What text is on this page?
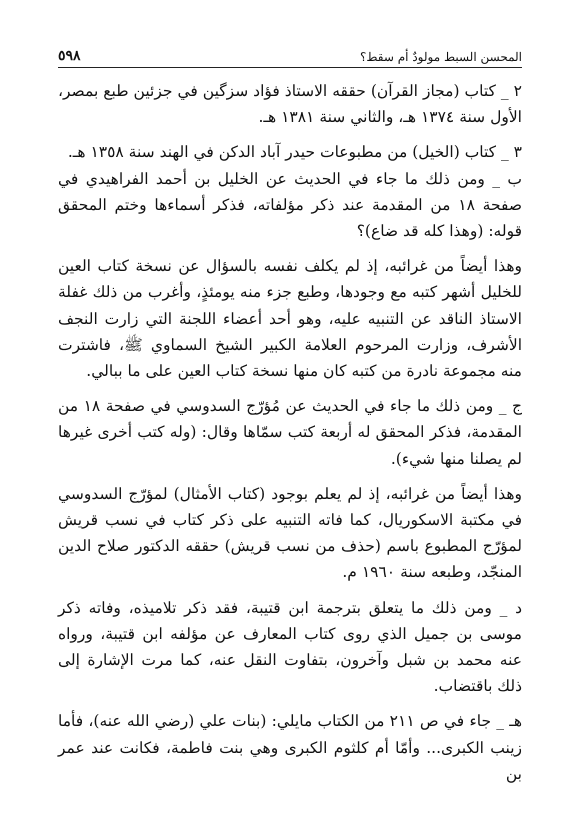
المحسن السبط مولودٌ أم سقط؟
٥٩٨

٢ _ كتاب (مجاز القرآن) حققه الاستاذ فؤاد سزگين في جزئين طبع بمصر، الأول سنة ١٣٧٤ هـ، والثاني سنة ١٣٨١ هـ.

٣ _ كتاب (الخيل) من مطبوعات حيدر آباد الدكن في الهند سنة ١٣٥٨ هـ.

ب _ ومن ذلك ما جاء في الحديث عن الخليل بن أحمد الفراهيدي في صفحة ١٨ من المقدمة عند ذكر مؤلفاته، فذكر أسماءها وختم المحقق قوله: (وهذا كله قد ضاع)؟

وهذا أيضاً من غرائبه، إذ لم يكلف نفسه بالسؤال عن نسخة كتاب العين للخليل أشهر كتبه مع وجودها، وطبع جزء منه يومئذٍ، وأغرب من ذلك غفلة الاستاذ الناقد عن التنبيه عليه، وهو أحد أعضاء اللجنة التي زارت النجف الأشرف، وزارت المرحوم العلامة الكبير الشيخ السماوي ﷺ، فاشترت منه مجموعة نادرة من كتبه كان منها نسخة كتاب العين على ما ببالي.

ج _ ومن ذلك ما جاء في الحديث عن مُؤرّج السدوسي في صفحة ١٨ من المقدمة، فذكر المحقق له أربعة كتب سمّاها وقال: (وله كتب أخرى غيرها لم يصلنا منها شيء).

وهذا أيضاً من غرائبه، إذ لم يعلم بوجود (كتاب الأمثال) لمؤرّج السدوسي في مكتبة الاسكوريال، كما فاته التنبيه على ذكر كتاب في نسب قريش لمؤرّج المطبوع باسم (حذف من نسب قريش) حققه الدكتور صلاح الدين المنجّد، وطبعه سنة ١٩٦٠ م.

د _ ومن ذلك ما يتعلق بترجمة ابن قتيبة، فقد ذكر تلاميذه، وفاته ذكر موسى بن جميل الذي روى كتاب المعارف عن مؤلفه ابن قتيبة، ورواه عنه محمد بن شبل وآخرون، بتفاوت النقل عنه، كما مرت الإشارة إلى ذلك باقتضاب.

هـ _ جاء في ص ٢١١ من الكتاب مايلي: (بنات علي (رضي الله عنه)، فأما زينب الكبرى... وأمّا أم كلثوم الكبرى وهي بنت فاطمة، فكانت عند عمر بن
